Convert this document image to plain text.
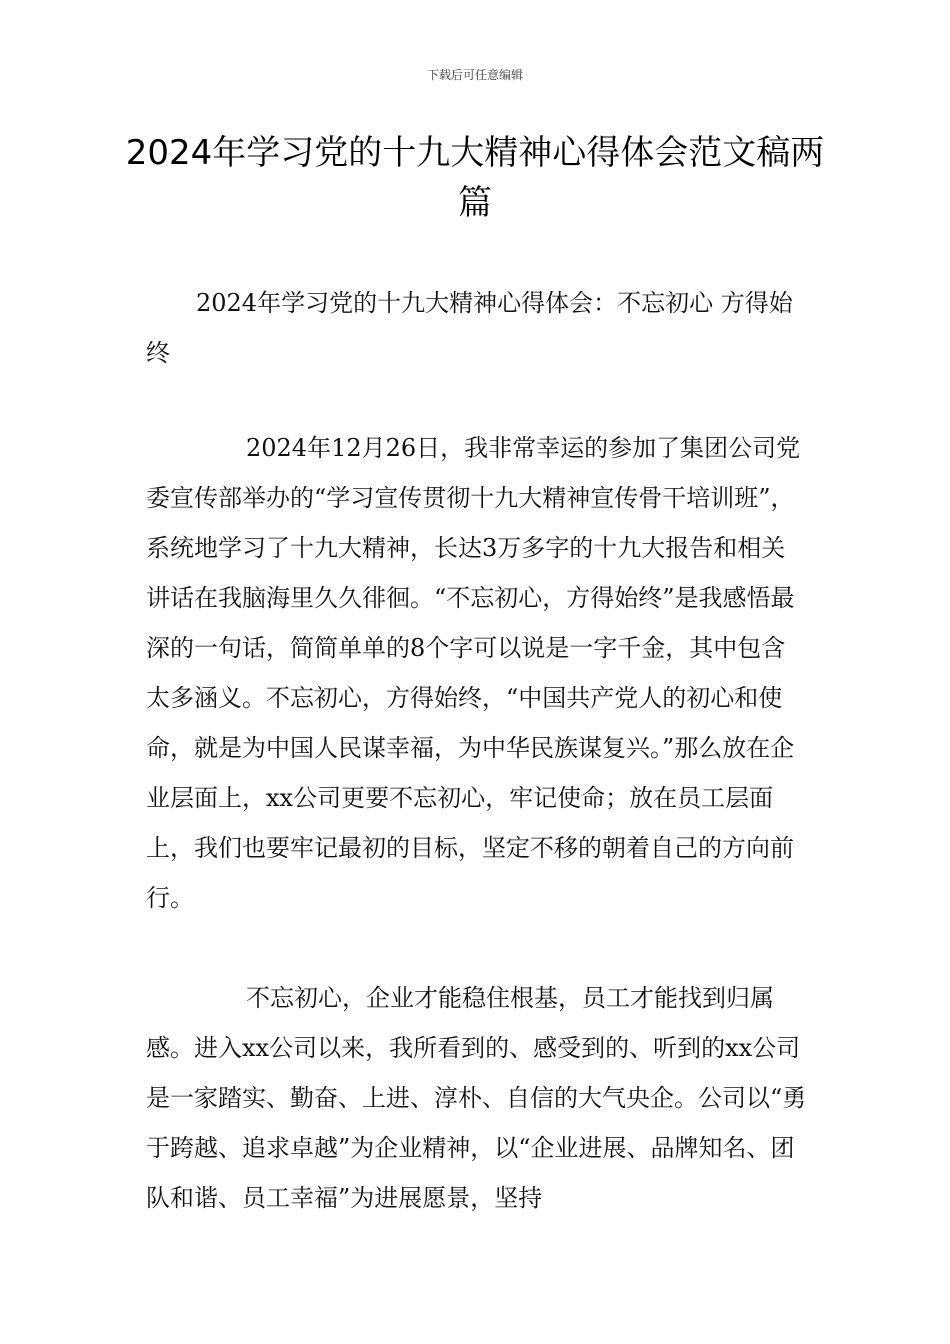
下载后可任意编辑
2024年学习党的十九大精神心得体会范文稿两篇

2024年学习党的十九大精神心得体会：不忘初心 方得始终

2024年12月26日，我非常幸运的参加了集团公司党委宣传部举办的“学习宣传贯彻十九大精神宣传骨干培训班”，系统地学习了十九大精神，长达3万多字的十九大报告和相关讲话在我脑海里久久徘徊。“不忘初心，方得始终”是我感悟最深的一句话，简简单单的8个字可以说是一字千金，其中包含太多涵义。不忘初心，方得始终，“中国共产党人的初心和使命，就是为中国人民谋幸福，为中华民族谋复兴。”那么放在企业层面上，xx公司更要不忘初心，牢记使命；放在员工层面上，我们也要牢记最初的目标，坚定不移的朝着自己的方向前行。

不忘初心，企业才能稳住根基，员工才能找到归属感。进入xx公司以来，我所看到的、感受到的、听到的xx公司是一家踏实、勤奋、上进、淳朴、自信的大气央企。公司以“勇于跨越、追求卓越”为企业精神，以“企业进展、品牌知名、团队和谐、员工幸福”为进展愿景，坚持
